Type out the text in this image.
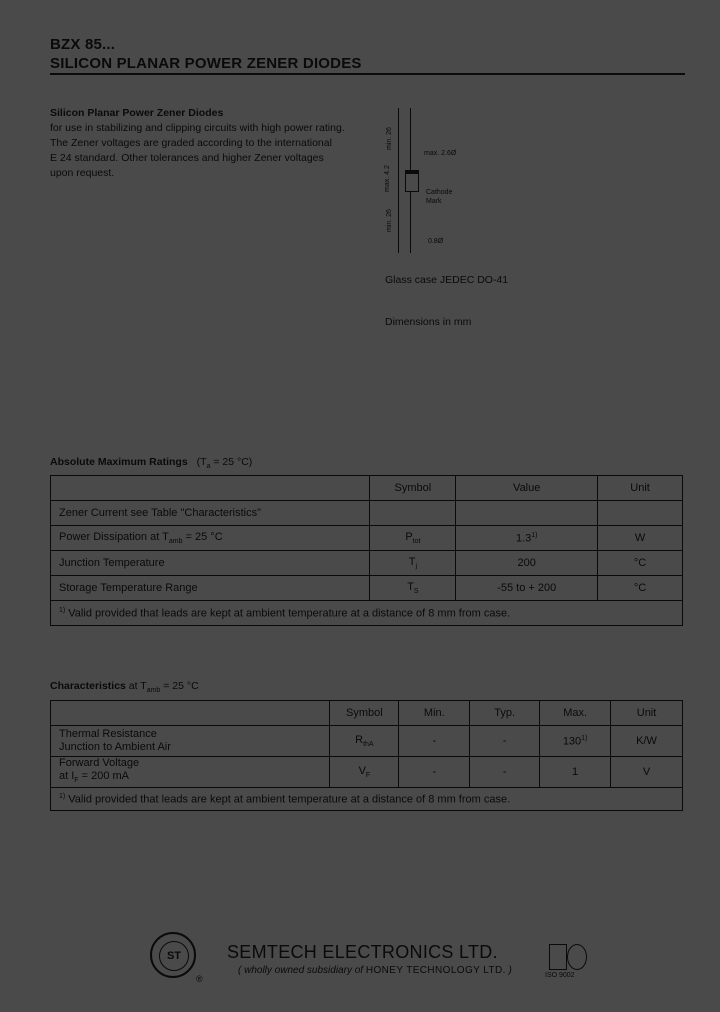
BZX 85...
SILICON PLANAR POWER ZENER DIODES
Silicon Planar Power Zener Diodes
for use in stabilizing and clipping circuits with high power rating.
The Zener voltages are graded according to the international
E 24 standard. Other tolerances and higher Zener voltages
upon request.
min. 26
max. 4.2
min. 26
max. 2.6Ø
0.8Ø
Cathode
Mark
Glass case JEDEC DO-41
Dimensions in mm
Absolute Maximum Ratings ($T_a = 25$ °C)
	Symbol	Value	Unit
Zener Current see Table "Characteristics"			
Power Dissipation at $T_{amb} = 25$ °C	$P_{tot}$	1.3$^{1)}$	W
Junction Temperature	$T_j$	200	°C
Storage Temperature Range	$T_S$	-55 to + 200	°C
$^{1)}$ Valid provided that leads are kept at ambient temperature at a distance of 8 mm from case.			
Characteristics at $T_{amb} = 25$ °C
	Symbol	Min.	Typ.	Max.	Unit

Thermal Resistance
Junction to Ambient Air	$R_{thA}$	-	-	130$^{1)}$	K/W

Forward Voltage
at $I_F = 200$ mA	$V_F$	-	-	1	V
$^{1)}$ Valid provided that leads are kept at ambient temperature at a distance of 8 mm from case.					
ST
®
SEMTECH ELECTRONICS LTD.
( wholly owned subsidiary of HONEY TECHNOLOGY LTD. )	ISO 9002
